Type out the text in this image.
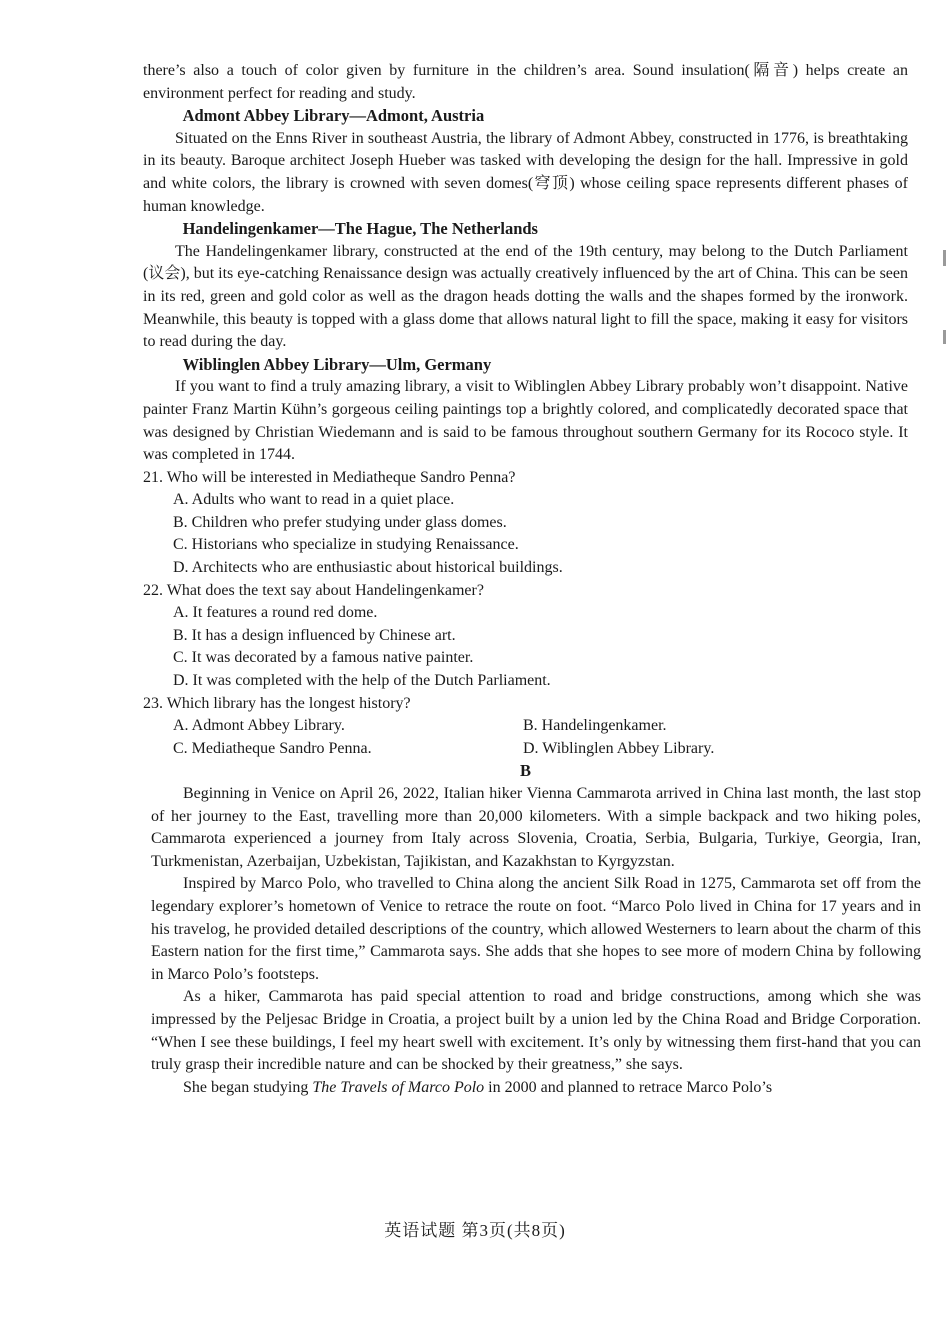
there’s also a touch of color given by furniture in the children’s area. Sound insulation(隔音) helps create an environment perfect for reading and study.

Admont Abbey Library—Admont, Austria

Situated on the Enns River in southeast Austria, the library of Admont Abbey, constructed in 1776, is breathtaking in its beauty. Baroque architect Joseph Hueber was tasked with developing the design for the hall. Impressive in gold and white colors, the library is crowned with seven domes(穹顶) whose ceiling space represents different phases of human knowledge.

Handelingenkamer—The Hague, The Netherlands

The Handelingenkamer library, constructed at the end of the 19th century, may belong to the Dutch Parliament (议会), but its eye-catching Renaissance design was actually creatively influenced by the art of China. This can be seen in its red, green and gold color as well as the dragon heads dotting the walls and the shapes formed by the ironwork. Meanwhile, this beauty is topped with a glass dome that allows natural light to fill the space, making it easy for visitors to read during the day.

Wiblinglen Abbey Library—Ulm, Germany

If you want to find a truly amazing library, a visit to Wiblinglen Abbey Library probably won’t disappoint. Native painter Franz Martin Kühn’s gorgeous ceiling paintings top a brightly colored, and complicatedly decorated space that was designed by Christian Wiedemann and is said to be famous throughout southern Germany for its Rococo style. It was completed in 1744.

21. Who will be interested in Mediatheque Sandro Penna?
A. Adults who want to read in a quiet place.
B. Children who prefer studying under glass domes.
C. Historians who specialize in studying Renaissance.
D. Architects who are enthusiastic about historical buildings.
22. What does the text say about Handelingenkamer?
A. It features a round red dome.
B. It has a design influenced by Chinese art.
C. It was decorated by a famous native painter.
D. It was completed with the help of the Dutch Parliament.
23. Which library has the longest history?
A. Admont Abbey Library.	B. Handelingenkamer.
C. Mediatheque Sandro Penna.	D. Wiblinglen Abbey Library.
B

Beginning in Venice on April 26, 2022, Italian hiker Vienna Cammarota arrived in China last month, the last stop of her journey to the East, travelling more than 20,000 kilometers. With a simple backpack and two hiking poles, Cammarota experienced a journey from Italy across Slovenia, Croatia, Serbia, Bulgaria, Turkiye, Georgia, Iran, Turkmenistan, Azerbaijan, Uzbekistan, Tajikistan, and Kazakhstan to Kyrgyzstan.

Inspired by Marco Polo, who travelled to China along the ancient Silk Road in 1275, Cammarota set off from the legendary explorer’s hometown of Venice to retrace the route on foot. “Marco Polo lived in China for 17 years and in his travelog, he provided detailed descriptions of the country, which allowed Westerners to learn about the charm of this Eastern nation for the first time,” Cammarota says. She adds that she hopes to see more of modern China by following in Marco Polo’s footsteps.

As a hiker, Cammarota has paid special attention to road and bridge constructions, among which she was impressed by the Peljesac Bridge in Croatia, a project built by a union led by the China Road and Bridge Corporation. “When I see these buildings, I feel my heart swell with excitement. It’s only by witnessing them first-hand that you can truly grasp their incredible nature and can be shocked by their greatness,” she says.

She began studying The Travels of Marco Polo in 2000 and planned to retrace Marco Polo’s

英语试题 第3页(共8页)
